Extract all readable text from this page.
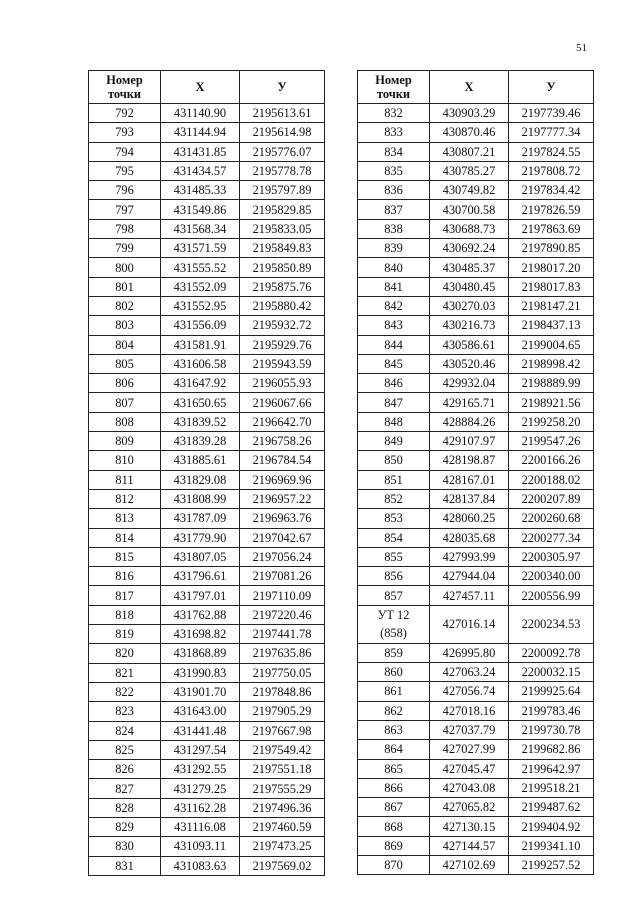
51
Номер
точки	X	У
792	431140.90	2195613.61
793	431144.94	2195614.98
794	431431.85	2195776.07
795	431434.57	2195778.78
796	431485.33	2195797.89
797	431549.86	2195829.85
798	431568.34	2195833.05
799	431571.59	2195849.83
800	431555.52	2195850.89
801	431552.09	2195875.76
802	431552.95	2195880.42
803	431556.09	2195932.72
804	431581.91	2195929.76
805	431606.58	2195943.59
806	431647.92	2196055.93
807	431650.65	2196067.66
808	431839.52	2196642.70
809	431839.28	2196758.26
810	431885.61	2196784.54
811	431829.08	2196969.96
812	431808.99	2196957.22
813	431787.09	2196963.76
814	431779.90	2197042.67
815	431807.05	2197056.24
816	431796.61	2197081.26
817	431797.01	2197110.09
818	431762.88	2197220.46
819	431698.82	2197441.78
820	431868.89	2197635.86
821	431990.83	2197750.05
822	431901.70	2197848.86
823	431643.00	2197905.29
824	431441.48	2197667.98
825	431297.54	2197549.42
826	431292.55	2197551.18
827	431279.25	2197555.29
828	431162.28	2197496.36
829	431116.08	2197460.59
830	431093.11	2197473.25
831	431083.63	2197569.02
Номер
точки	X	У
832	430903.29	2197739.46
833	430870.46	2197777.34
834	430807.21	2197824.55
835	430785.27	2197808.72
836	430749.82	2197834.42
837	430700.58	2197826.59
838	430688.73	2197863.69
839	430692.24	2197890.85
840	430485.37	2198017.20
841	430480.45	2198017.83
842	430270.03	2198147.21
843	430216.73	2198437.13
844	430586.61	2199004.65
845	430520.46	2198998.42
846	429932.04	2198889.99
847	429165.71	2198921.56
848	428884.26	2199258.20
849	429107.97	2199547.26
850	428198.87	2200166.26
851	428167.01	2200188.02
852	428137.84	2200207.89
853	428060.25	2200260.68
854	428035.68	2200277.34
855	427993.99	2200305.97
856	427944.04	2200340.00
857	427457.11	2200556.99

УТ 12
(858)	427016.14	2200234.53
859	426995.80	2200092.78
860	427063.24	2200032.15
861	427056.74	2199925.64
862	427018.16	2199783.46
863	427037.79	2199730.78
864	427027.99	2199682.86
865	427045.47	2199642.97
866	427043.08	2199518.21
867	427065.82	2199487.62
868	427130.15	2199404.92
869	427144.57	2199341.10
870	427102.69	2199257.52
